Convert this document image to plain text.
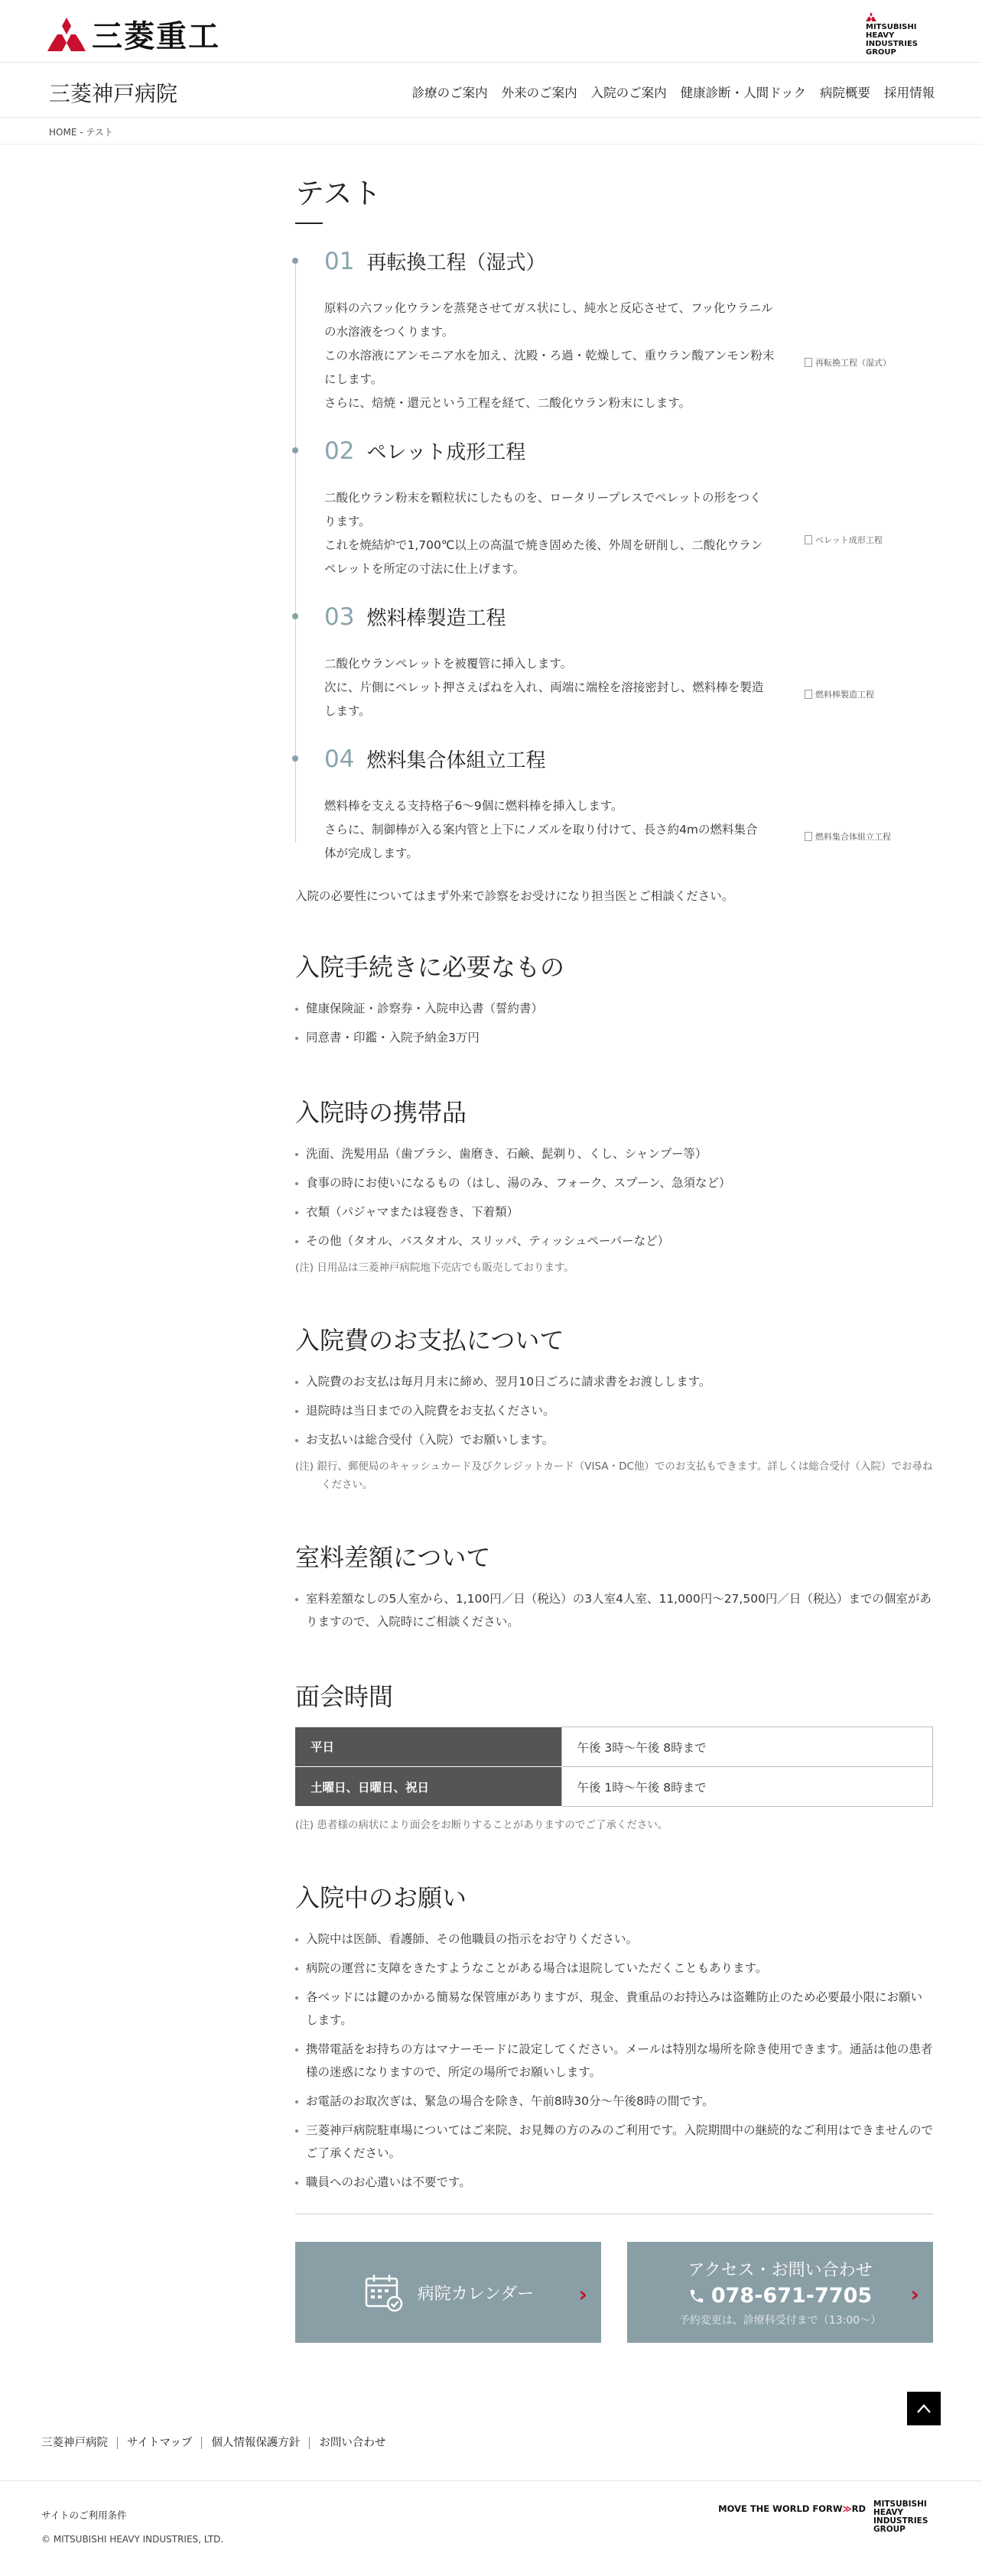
三菱重工	MITSUBISHI
HEAVY
INDUSTRIES
GROUP
三菱神戸病院	診療のご案内 外来のご案内 入院のご案内 健康診断・人間ドック 病院概要 採用情報
HOME - テスト
テスト
01 再転換工程（湿式）
原料の六フッ化ウランを蒸発させてガス状にし、純水と反応させて、フッ化ウラニル
の水溶液をつくります。
この水溶液にアンモニア水を加え、沈殿・ろ過・乾燥して、重ウラン酸アンモン粉末
にします。
さらに、焙焼・還元という工程を経て、二酸化ウラン粉末にします。
再転換工程（湿式）
02 ペレット成形工程
二酸化ウラン粉末を顆粒状にしたものを、ロータリープレスでペレットの形をつく
ります。
これを焼結炉で1,700℃以上の高温で焼き固めた後、外周を研削し、二酸化ウラン
ペレットを所定の寸法に仕上げます。
ペレット成形工程
03 燃料棒製造工程
二酸化ウランペレットを被覆管に挿入します。
次に、片側にペレット押さえばねを入れ、両端に端栓を溶接密封し、燃料棒を製造
します。
燃料棒製造工程
04 燃料集合体組立工程
燃料棒を支える支持格子6～9個に燃料棒を挿入します。
さらに、制御棒が入る案内管と上下にノズルを取り付けて、長さ約4mの燃料集合
体が完成します。
燃料集合体組立工程

入院の必要性についてはまず外来で診察をお受けになり担当医とご相談ください。

入院手続きに必要なもの
健康保険証・診察券・入院申込書（誓約書）
同意書・印鑑・入院予納金3万円
入院時の携帯品
洗面、洗髪用品（歯ブラシ、歯磨き、石鹸、髭剃り、くし、シャンプー等）
食事の時にお使いになるもの（はし、湯のみ、フォーク、スプーン、急須など）
衣類（パジャマまたは寝巻き、下着類）
その他（タオル、バスタオル、スリッパ、ティッシュペーパーなど）

(注) 日用品は三菱神戸病院地下売店でも販売しております。

入院費のお支払について
入院費のお支払は毎月月末に締め、翌月10日ごろに請求書をお渡しします。
退院時は当日までの入院費をお支払ください。
お支払いは総合受付（入院）でお願いします。

(注) 銀行、郵便局のキャッシュカード及びクレジットカード（VISA・DC他）でのお支払もできます。詳しくは総合受付（入院）でお尋ねください。

室料差額について
室料差額なしの5人室から、1,100円／日（税込）の3人室4人室、11,000円～27,500円／日（税込）までの個室がありますので、入院時にご相談ください。
面会時間
平日	午後 3時～午後 8時まで
土曜日、日曜日、祝日	午後 1時～午後 8時まで

(注) 患者様の病状により面会をお断りすることがありますのでご了承ください。

入院中のお願い
入院中は医師、看護師、その他職員の指示をお守りください。
病院の運営に支障をきたすようなことがある場合は退院していただくこともあります。
各ベッドには鍵のかかる簡易な保管庫がありますが、現金、貴重品のお持込みは盗難防止のため必要最小限にお願いします。
携帯電話をお持ちの方はマナーモードに設定してください。メールは特別な場所を除き使用できます。通話は他の患者様の迷惑になりますので、所定の場所でお願いします。
お電話のお取次ぎは、緊急の場合を除き、午前8時30分～午後8時の間です。
三菱神戸病院駐車場についてはご来院、お見舞の方のみのご利用です。入院期間中の継続的なご利用はできませんのでご了承ください。
職員へのお心遣いは不要です。
病院カレンダー ›
アクセス・お問い合わせ
078-671-7705
予約変更は、診療科受付まで（13:00～）
›
三菱神戸病院	サイトマップ	個人情報保護方針	お問い合わせ
サイトのご利用条件
© MITSUBISHI HEAVY INDUSTRIES, LTD.
MOVE THE WORLD FORW≫RD MITSUBISHI
HEAVY
INDUSTRIES
GROUP
